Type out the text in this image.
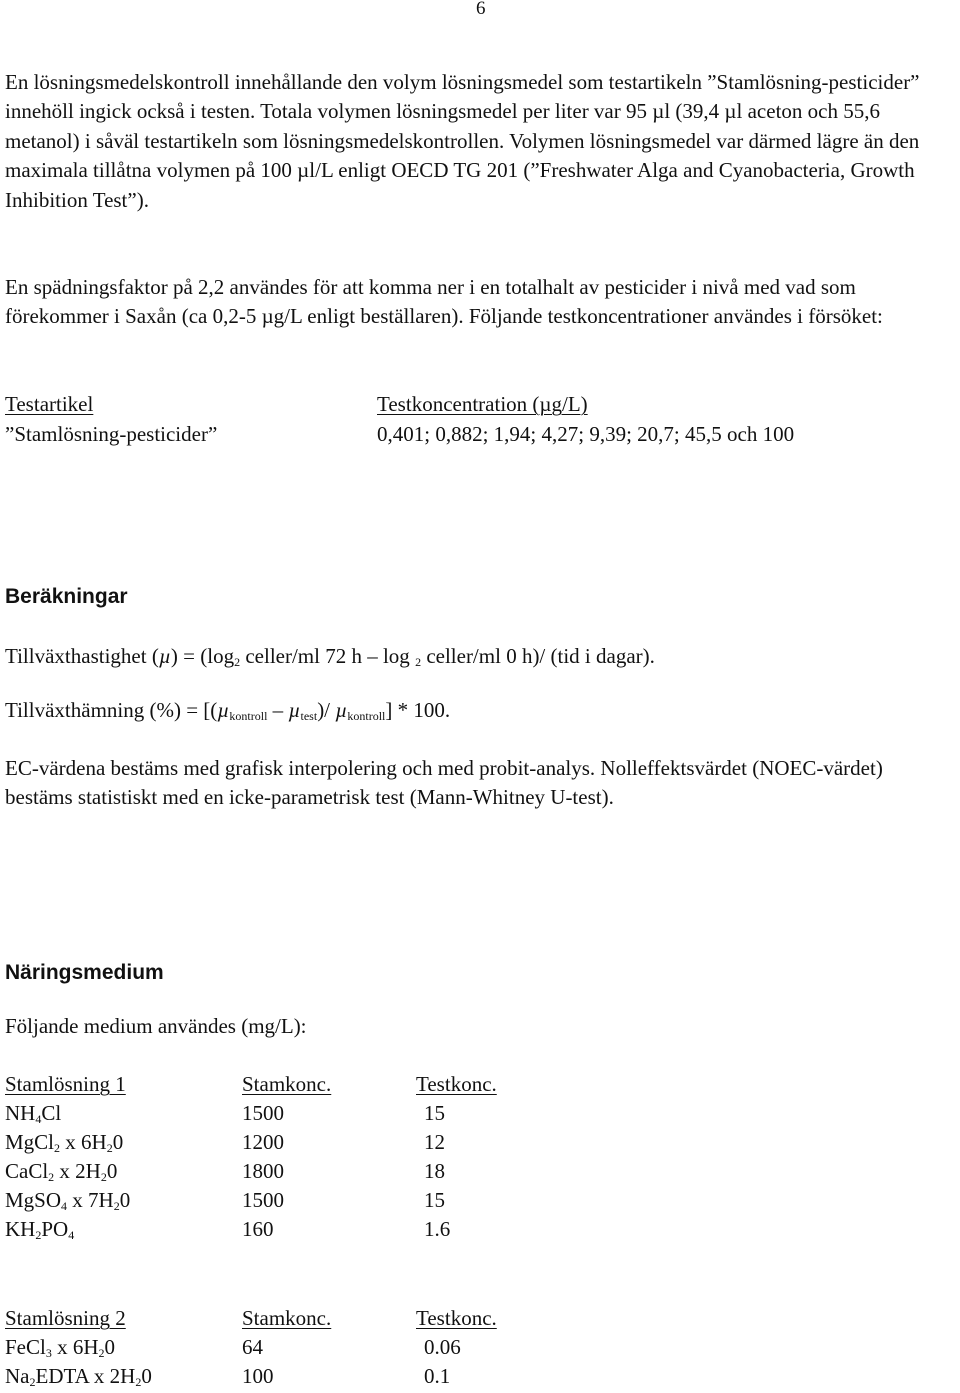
6

En lösningsmedelskontroll innehållande den volym lösningsmedel som testartikeln ”Stamlösning-pesticider” innehöll ingick också i testen. Totala volymen lösningsmedel per liter var 95 µl (39,4 µl aceton och 55,6 metanol) i såväl testartikeln som lösningsmedelskontrollen. Volymen lösningsmedel var därmed lägre än den maximala tillåtna volymen på 100 µl/L enligt OECD TG 201 (”Freshwater Alga and Cyanobacteria, Growth Inhibition Test”).

En spädningsfaktor på 2,2 användes för att komma ner i en totalhalt av pesticider i nivå med vad som förekommer i Saxån (ca 0,2-5 µg/L enligt beställaren). Följande testkoncentrationer användes i försöket:

Testartikel	Testkoncentration (µg/L)
”Stamlösning-pesticider”	0,401; 0,882; 1,94; 4,27; 9,39; 20,7; 45,5 och 100
Beräkningar
Tillväxthastighet $(\mu) = (\log_2$ celler/ml 72 h – log $_2$ celler/ml 0 h)/ (tid i dagar).
Tillväxthämning (%) = [(µ$_{kontroll}$ – µ$_{test}$)/ µ$_{kontroll}$] * 100.

EC-värdena bestäms med grafisk interpolering och med probit-analys. Nolleffektsvärdet (NOEC-värdet) bestäms statistiskt med en icke-parametrisk test (Mann-Whitney U-test).

Näringsmedium
Följande medium användes (mg/L):
Stamlösning 1	Stamkonc.	Testkonc.
$NH_4Cl$	1500	15
MgCl$_2$ x $6H_20$	1200	12
CaCl$_2$ x $2H_20$	1800	18
MgSO$_4$ x $7H_20$	1500	15
$KH_2PO_4$	160	1.6
Stamlösning 2	Stamkonc.	Testkonc.
FeCl$_3$ x $6H_20$	64	0.06
$Na_2EDTA$ x $2H_20$	100	0.1
